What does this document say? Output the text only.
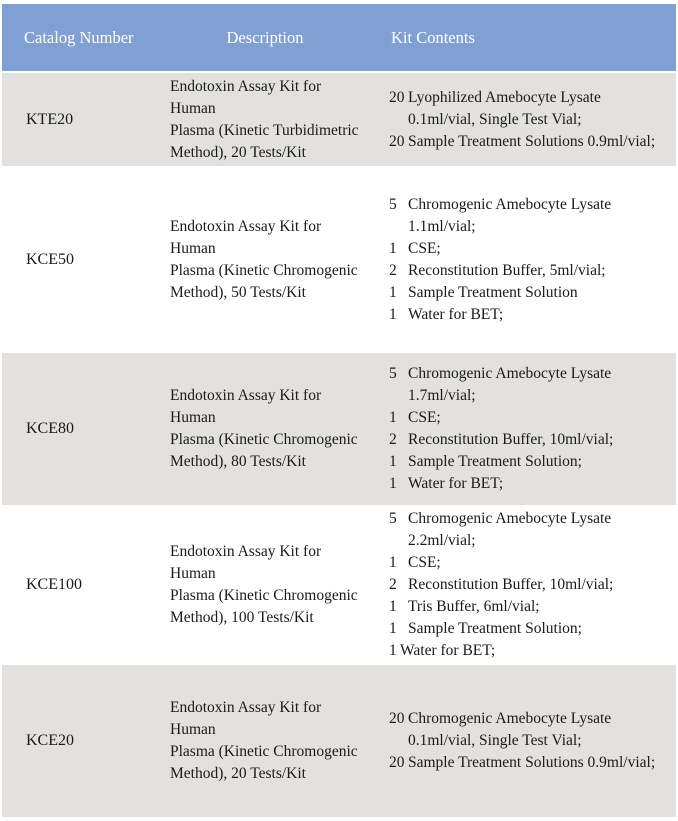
Catalog Number	Description	Kit Contents
KTE20
Endotoxin Assay Kit for Human
Plasma (Kinetic Turbidimetric
Method), 20 Tests/Kit
20 Lyophilized Amebocyte Lysate
0.1ml/vial, Single Test Vial;
20 Sample Treatment Solutions 0.9ml/vial;
KCE50
Endotoxin Assay Kit for Human
Plasma (Kinetic Chromogenic
Method), 50 Tests/Kit
5 Chromogenic Amebocyte Lysate
1.1ml/vial;
1 CSE;
2 Reconstitution Buffer, 5ml/vial;
1 Sample Treatment Solution
1 Water for BET;
KCE80
Endotoxin Assay Kit for Human
Plasma (Kinetic Chromogenic
Method), 80 Tests/Kit
5 Chromogenic Amebocyte Lysate
1.7ml/vial;
1 CSE;
2 Reconstitution Buffer, 10ml/vial;
1 Sample Treatment Solution;
1 Water for BET;
KCE100
Endotoxin Assay Kit for Human
Plasma (Kinetic Chromogenic
Method), 100 Tests/Kit
5 Chromogenic Amebocyte Lysate
2.2ml/vial;
1 CSE;
2 Reconstitution Buffer, 10ml/vial;
1 Tris Buffer, 6ml/vial;
1 Sample Treatment Solution;
1 Water for BET;
KCE20
Endotoxin Assay Kit for Human
Plasma (Kinetic Chromogenic
Method), 20 Tests/Kit
20 Chromogenic Amebocyte Lysate
0.1ml/vial, Single Test Vial;
20 Sample Treatment Solutions 0.9ml/vial;
